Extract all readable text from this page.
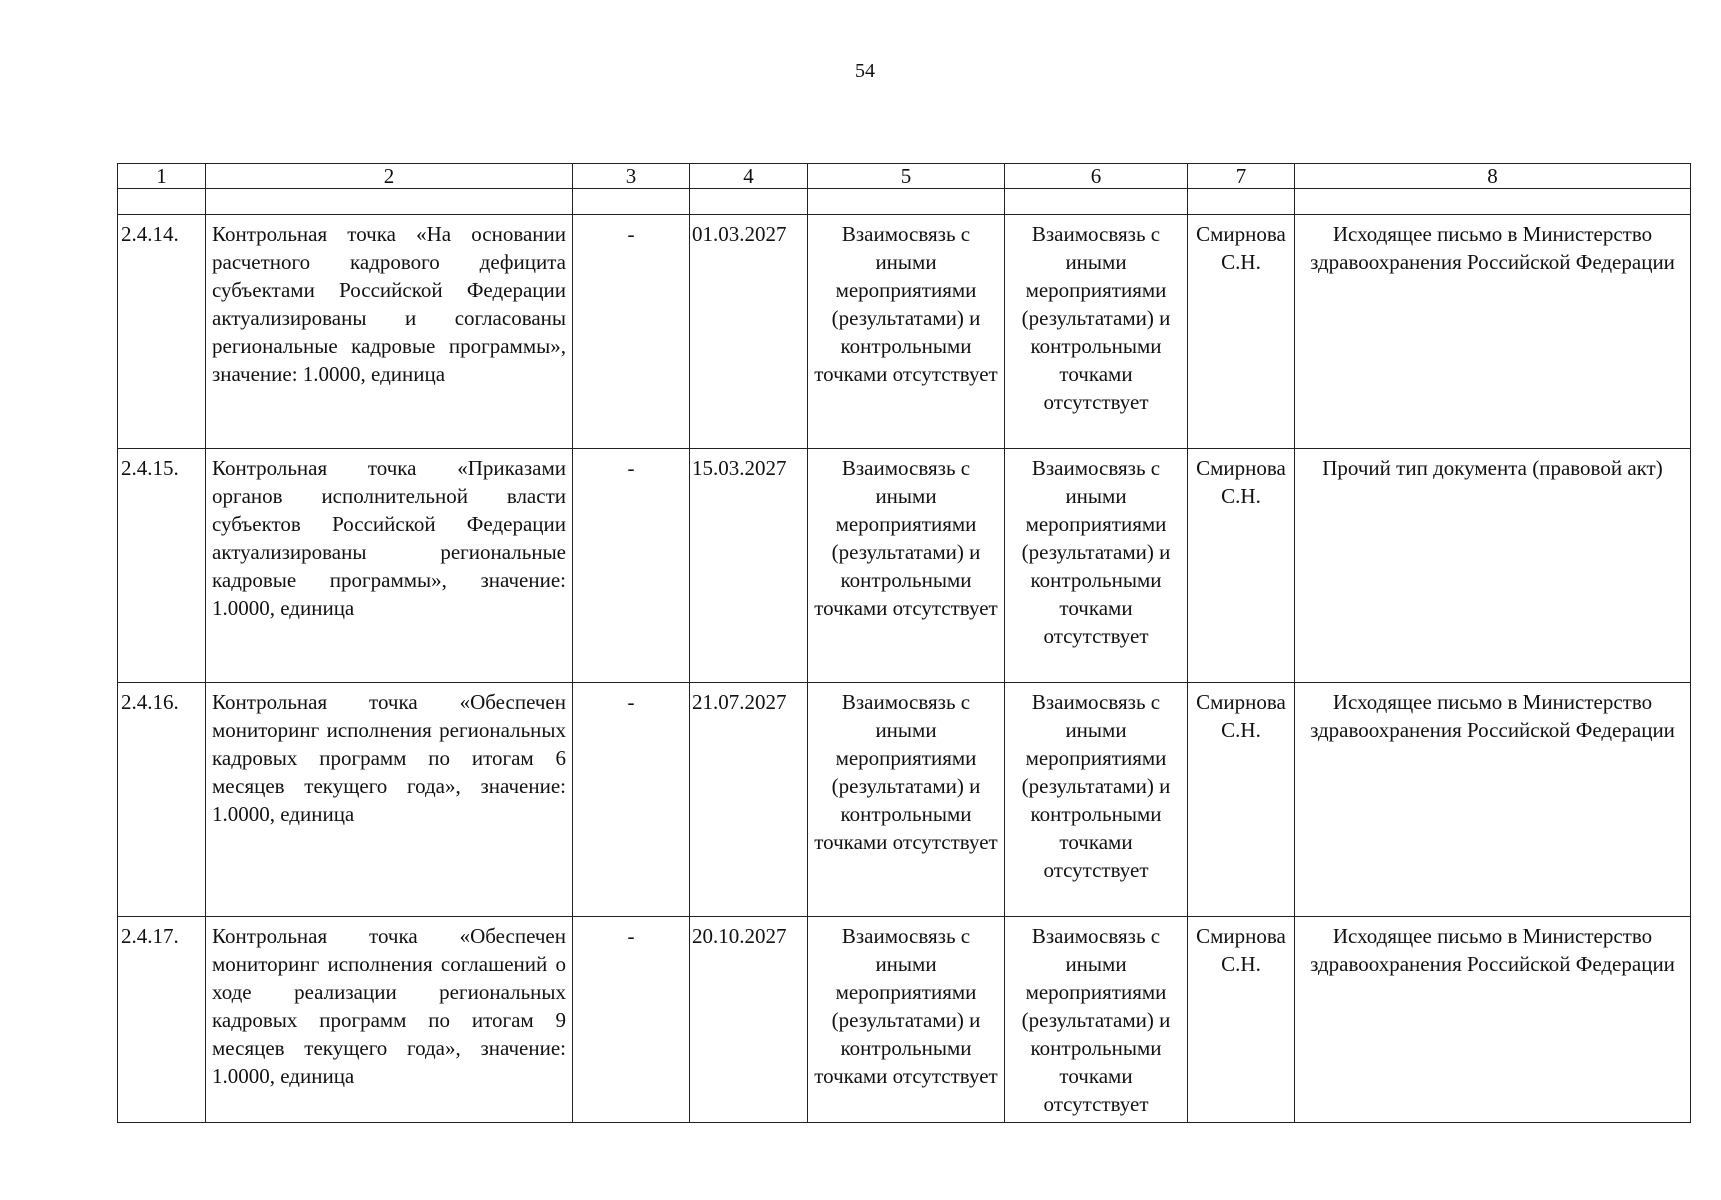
54
1	2	3	4	5	6	7	8

2.4.14.	Контрольная точка «На основании расчетного кадрового дефицита субъектами Российской Федерации актуализированы и согласованы региональные кадровые программы», значение: 1.0000, единица	-	01.03.2027	Взаимосвязь с иными мероприятиями (результатами) и контрольными точками отсутствует	Взаимосвязь с иными мероприятиями (результатами) и контрольными точками отсутствует	Смирнова С.Н.	Исходящее письмо в Министерство здравоохранения Российской Федерации
2.4.15.	Контрольная точка «Приказами органов исполнительной власти субъектов Российской Федерации актуализированы региональные кадровые программы», значение: 1.0000, единица	-	15.03.2027	Взаимосвязь с иными мероприятиями (результатами) и контрольными точками отсутствует	Взаимосвязь с иными мероприятиями (результатами) и контрольными точками отсутствует	Смирнова С.Н.	Прочий тип документа (правовой акт)
2.4.16.	Контрольная точка «Обеспечен мониторинг исполнения региональных кадровых программ по итогам 6 месяцев текущего года», значение: 1.0000, единица	-	21.07.2027	Взаимосвязь с иными мероприятиями (результатами) и контрольными точками отсутствует	Взаимосвязь с иными мероприятиями (результатами) и контрольными точками отсутствует	Смирнова С.Н.	Исходящее письмо в Министерство здравоохранения Российской Федерации
2.4.17.	Контрольная точка «Обеспечен мониторинг исполнения соглашений о ходе реализации региональных кадровых программ по итогам 9 месяцев текущего года», значение: 1.0000, единица	-	20.10.2027	Взаимосвязь с иными мероприятиями (результатами) и контрольными точками отсутствует	Взаимосвязь с иными мероприятиями (результатами) и контрольными точками отсутствует	Смирнова С.Н.	Исходящее письмо в Министерство здравоохранения Российской Федерации
